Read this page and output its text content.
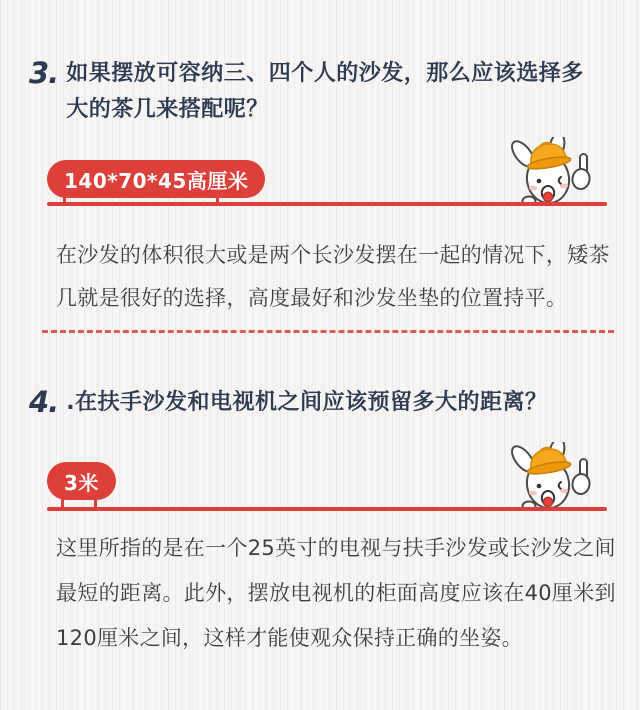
3. 如果摆放可容纳三、四个人的沙发，那么应该选择多
大的茶几来搭配呢？
140*70*45高厘米
在沙发的体积很大或是两个长沙发摆在一起的情况下，矮茶
几就是很好的选择，高度最好和沙发坐垫的位置持平。
4. .在扶手沙发和电视机之间应该预留多大的距离？
3米
这里所指的是在一个25英寸的电视与扶手沙发或长沙发之间
最短的距离。此外，摆放电视机的柜面高度应该在40厘米到
120厘米之间，这样才能使观众保持正确的坐姿。
